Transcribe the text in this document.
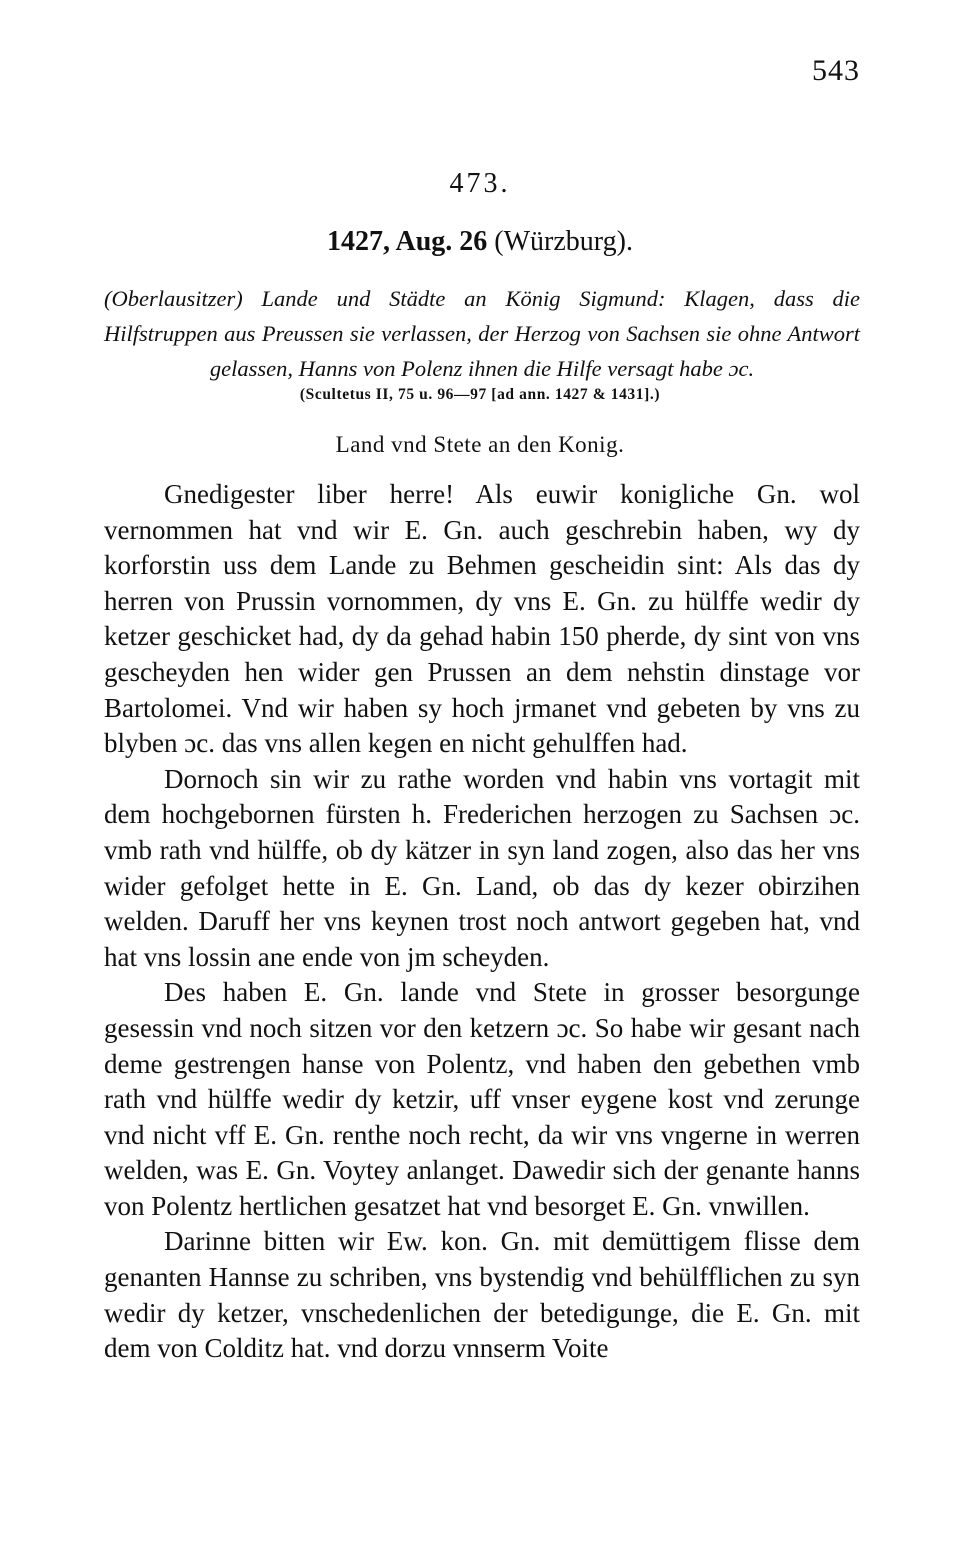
543
473.
1427, Aug. 26 (Würzburg).
(Oberlausitzer) Lande und Städte an König Sigmund: Klagen, dass die Hilfstruppen aus Preussen sie verlassen, der Herzog von Sachsen sie ohne Antwort gelassen, Hanns von Polenz ihnen die Hilfe versagt habe ɔc.
(Scultetus II, 75 u. 96—97 [ad ann. 1427 & 1431].)
Land vnd Stete an den Konig.

Gnedigester liber herre! Als euwir konigliche Gn. wol vernommen hat vnd wir E. Gn. auch geschrebin haben, wy dy korforstin uss dem Lande zu Behmen gescheidin sint: Als das dy herren von Prussin vornommen, dy vns E. Gn. zu hülffe wedir dy ketzer geschicket had, dy da gehad habin 150 pherde, dy sint von vns gescheyden hen wider gen Prussen an dem nehstin dinstage vor Bartolomei. Vnd wir haben sy hoch jrmanet vnd gebeten by vns zu blyben ɔc. das vns allen kegen en nicht gehulffen had.

Dornoch sin wir zu rathe worden vnd habin vns vortagit mit dem hochgebornen fürsten h. Frederichen herzogen zu Sachsen ɔc. vmb rath vnd hülffe, ob dy kätzer in syn land zogen, also das her vns wider gefolget hette in E. Gn. Land, ob das dy kezer obirzihen welden. Daruff her vns keynen trost noch antwort gegeben hat, vnd hat vns lossin ane ende von jm scheyden.

Des haben E. Gn. lande vnd Stete in grosser besorgunge gesessin vnd noch sitzen vor den ketzern ɔc. So habe wir gesant nach deme gestrengen hanse von Polentz, vnd haben den gebethen vmb rath vnd hülffe wedir dy ketzir, uff vnser eygene kost vnd zerunge vnd nicht vff E. Gn. renthe noch recht, da wir vns vngerne in werren welden, was E. Gn. Voytey anlanget. Dawedir sich der genante hanns von Polentz hertlichen gesatzet hat vnd besorget E. Gn. vnwillen.

Darinne bitten wir Ew. kon. Gn. mit demüttigem flisse dem genanten Hannse zu schriben, vns bystendig vnd behülfflichen zu syn wedir dy ketzer, vnschedenlichen der betedigunge, die E. Gn. mit dem von Colditz hat. vnd dorzu vnnserm Voite
